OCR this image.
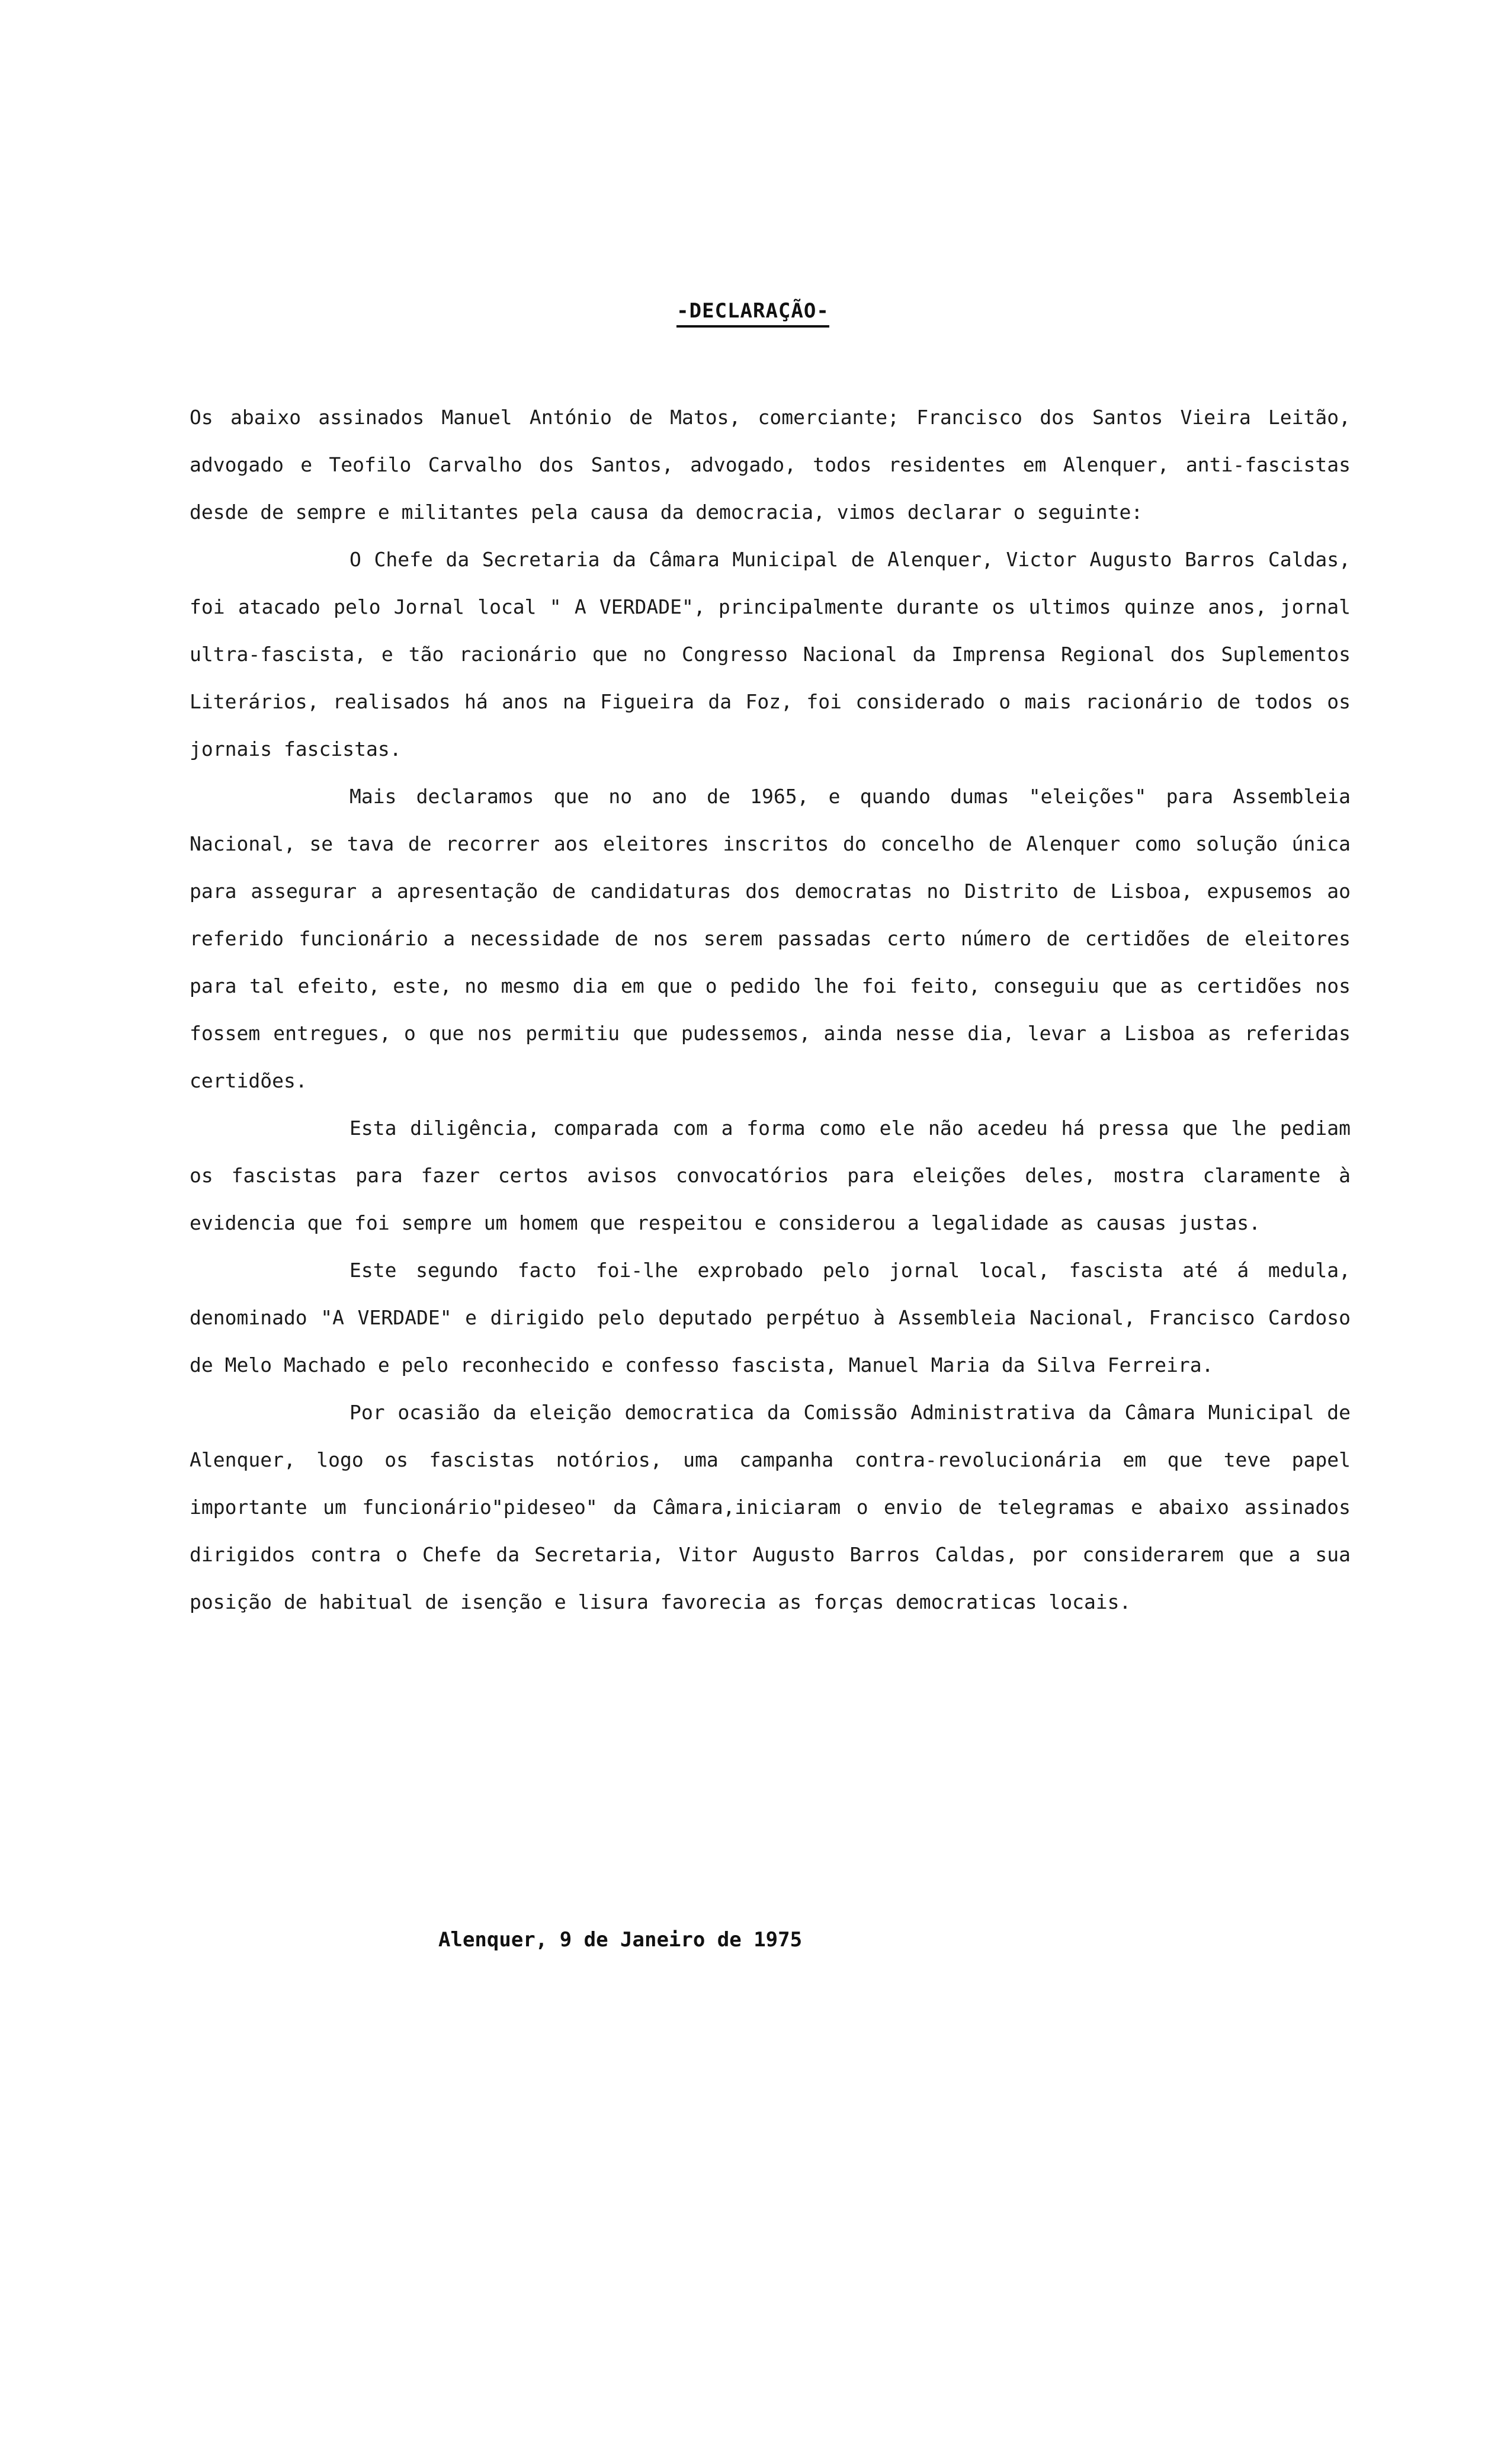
-DECLARAÇÃO-

Os abaixo assinados Manuel António de Matos, comerciante; Francisco dos Santos Vieira Leitão, advogado e Teofilo Carvalho dos Santos, advogado, todos residentes em Alenquer, anti-fascistas desde de sempre e militantes pela causa da democracia, vimos declarar o seguinte:

O Chefe da Secretaria da Câmara Municipal de Alenquer, Victor Augusto Barros Caldas, foi atacado pelo Jornal local " A VERDADE", principalmente durante os ultimos quinze anos, jornal ultra-fascista, e tão racionário que no Congresso Nacional da Imprensa Regional dos Suplementos Literários, realisados há anos na Figueira da Foz, foi considerado o mais racionário de todos os jornais fascistas.

Mais declaramos que no ano de 1965, e quando dumas "eleições" para Assembleia Nacional, se tava de recorrer aos eleitores inscritos do concelho de Alenquer como solução única para assegurar a apresentação de candidaturas dos democratas no Distrito de Lisboa, expusemos ao referido funcionário a necessidade de nos serem passadas certo número de certidões de eleitores para tal efeito, este, no mesmo dia em que o pedido lhe foi feito, conseguiu que as certidões nos fossem entregues, o que nos permitiu que pudessemos, ainda nesse dia, levar a Lisboa as referidas certidões.

Esta diligência, comparada com a forma como ele não acedeu há pressa que lhe pediam os fascistas para fazer certos avisos convocatórios para eleições deles, mostra claramente à evidencia que foi sempre um homem que respeitou e considerou a legalidade as causas justas.

Este segundo facto foi-lhe exprobado pelo jornal local, fascista até á medula, denominado "A VERDADE" e dirigido pelo deputado perpétuo à Assembleia Nacional, Francisco Cardoso de Melo Machado e pelo reconhecido e confesso fascista, Manuel Maria da Silva Ferreira.

Por ocasião da eleição democratica da Comissão Administrativa da Câmara Municipal de Alenquer, logo os fascistas notórios, uma campanha contra-revolucionária em que teve papel importante um funcionário"pideseo" da Câmara,iniciaram o envio de telegramas e abaixo assinados dirigidos contra o Chefe da Secretaria, Vitor Augusto Barros Caldas, por considerarem que a sua posição de habitual de isenção e lisura favorecia as forças democraticas locais.

Alenquer, 9 de Janeiro de 1975
